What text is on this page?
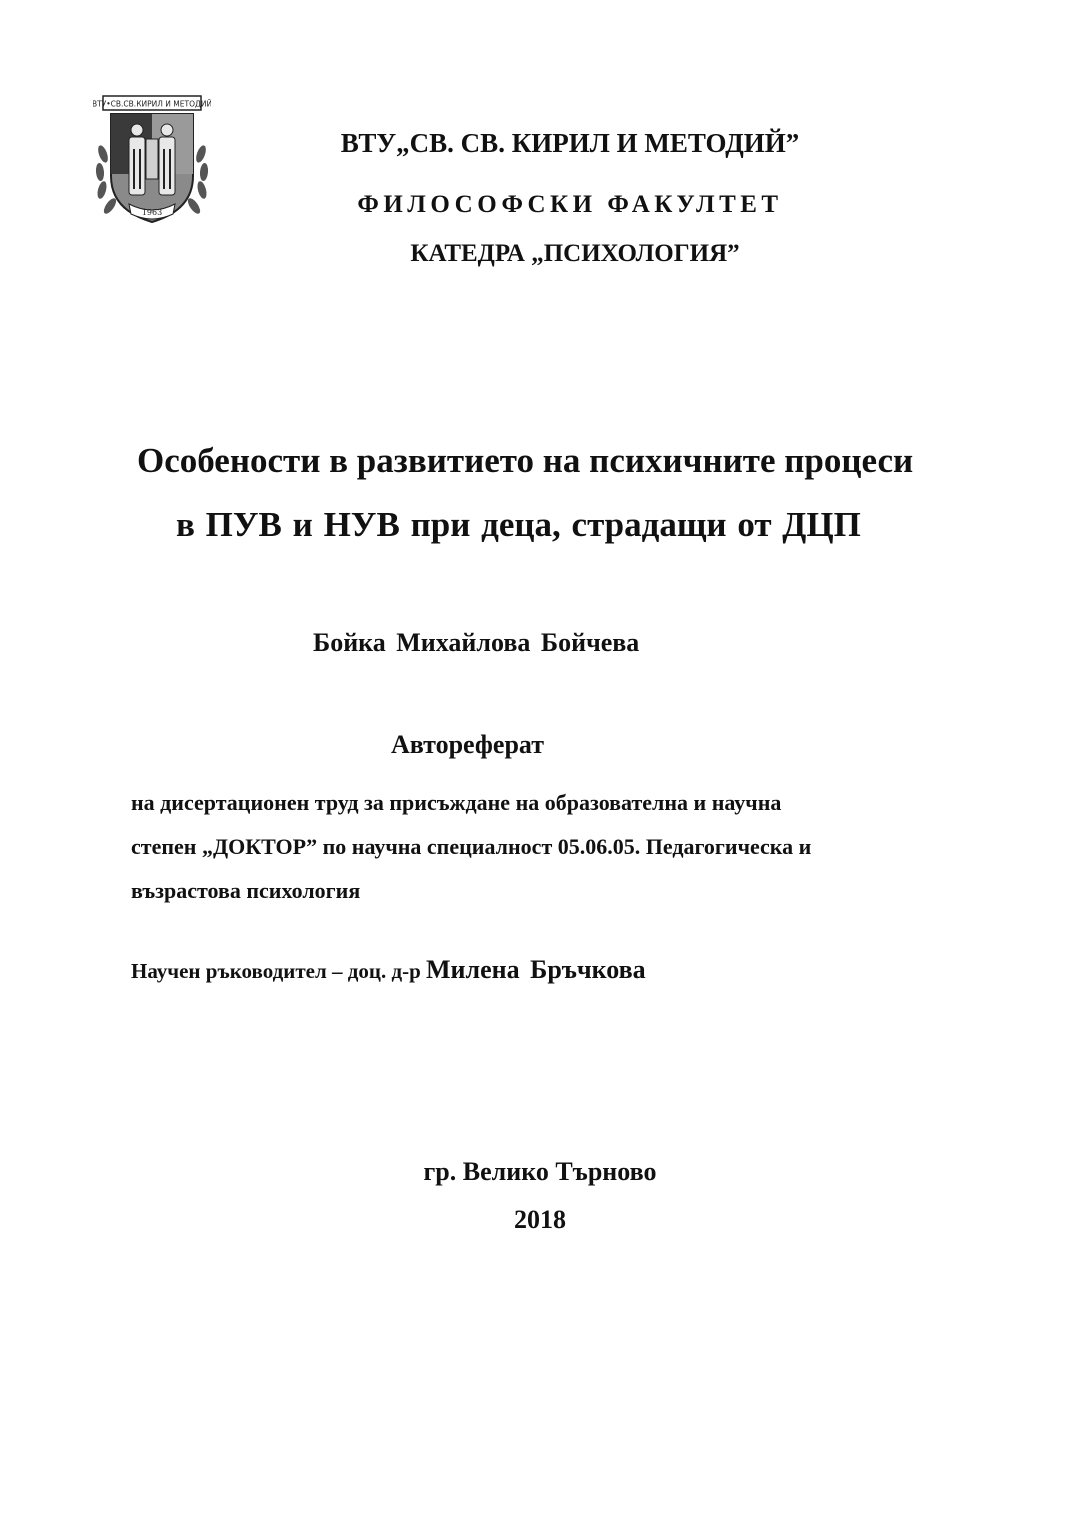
ВТУ•СВ.СВ.КИРИЛ И МЕТОДИЙ
1963
ВТУ„СВ. СВ. КИРИЛ И МЕТОДИЙ”
ФИЛОСОФСКИ ФАКУЛТЕТ
КАТЕДРА „ПСИХОЛОГИЯ”
Особености в развитието на психичните процеси
в ПУВ и НУВ при деца, страдащи от ДЦП
Бойка Михайлова Бойчева
Автореферат
на дисертационен труд за присъждане на образователна и научна
степен „ДОКТОР” по научна специалност 05.06.05. Педагогическа и
възрастова психология
Научен ръководител – доц. д-р Милена Бръчкова
гр. Велико Търново
2018
